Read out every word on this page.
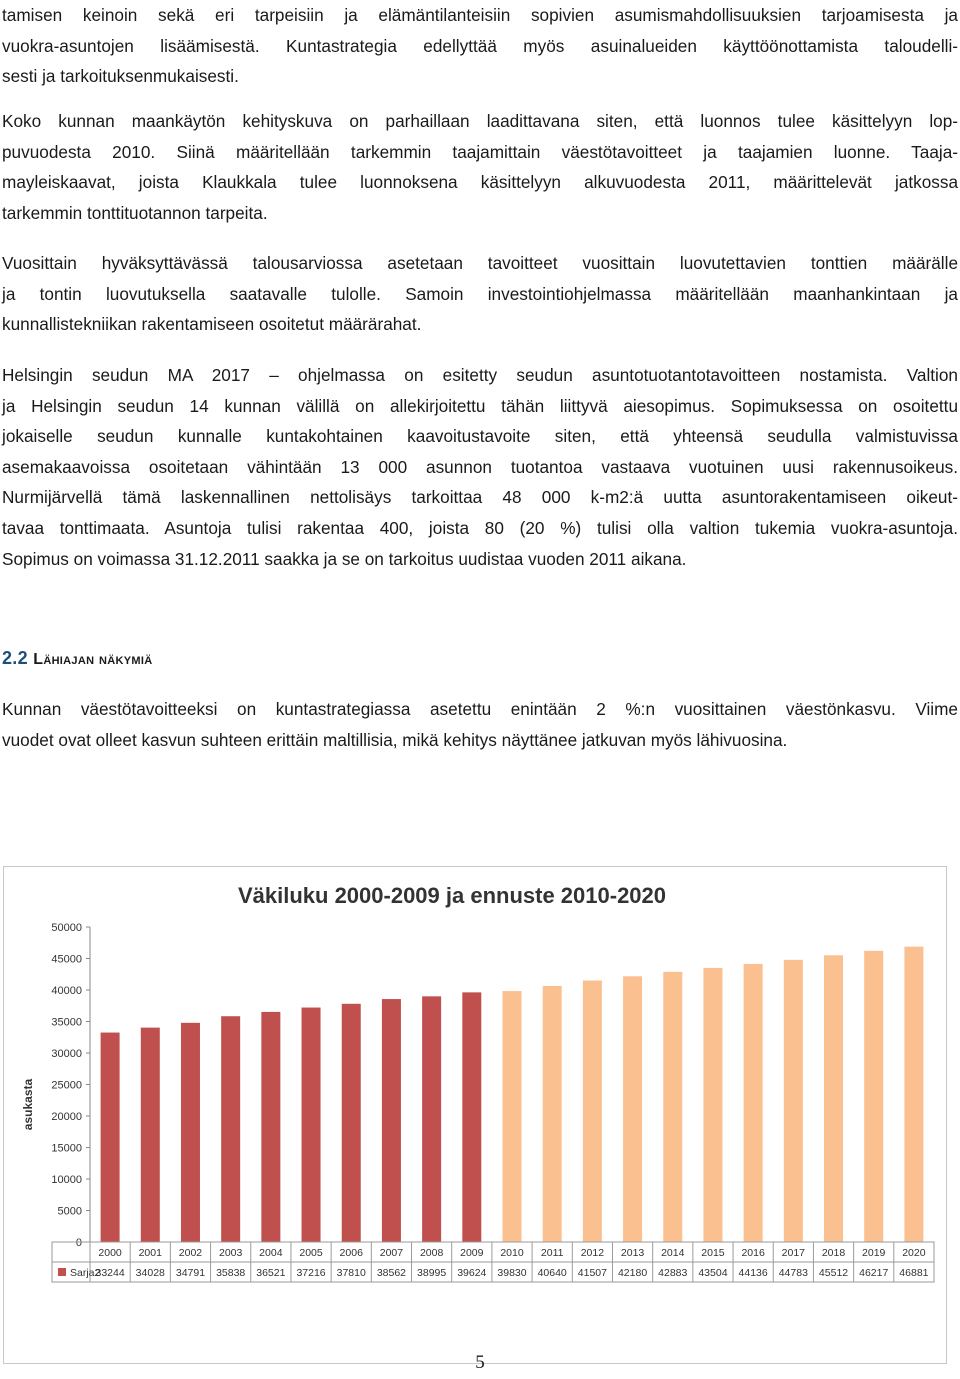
tamisen keinoin sekä eri tarpeisiin ja elämäntilanteisiin sopivien asumismahdollisuuksien tarjoamisesta ja
vuokra-asuntojen lisäämisestä. Kuntastrategia edellyttää myös asuinalueiden käyttöönottamista taloudelli-
sesti ja tarkoituksenmukaisesti.
Koko kunnan maankäytön kehityskuva on parhaillaan laadittavana siten, että luonnos tulee käsittelyyn lop-
puvuodesta 2010. Siinä määritellään tarkemmin taajamittain väestötavoitteet ja taajamien luonne. Taaja-
mayleiskaavat, joista Klaukkala tulee luonnoksena käsittelyyn alkuvuodesta 2011, määrittelevät jatkossa
tarkemmin tonttituotannon tarpeita.
Vuosittain hyväksyttävässä talousarviossa asetetaan tavoitteet vuosittain luovutettavien tonttien määrälle
ja tontin luovutuksella saatavalle tulolle. Samoin investointiohjelmassa määritellään maanhankintaan ja
kunnallistekniikan rakentamiseen osoitetut määrärahat.
Helsingin seudun MA 2017 – ohjelmassa on esitetty seudun asuntotuotantotavoitteen nostamista. Valtion
ja Helsingin seudun 14 kunnan välillä on allekirjoitettu tähän liittyvä aiesopimus. Sopimuksessa on osoitettu
jokaiselle seudun kunnalle kuntakohtainen kaavoitustavoite siten, että yhteensä seudulla valmistuvissa
asemakaavoissa osoitetaan vähintään 13 000 asunnon tuotantoa vastaava vuotuinen uusi rakennusoikeus.
Nurmijärvellä tämä laskennallinen nettolisäys tarkoittaa 48 000 k-m2:ä uutta asuntorakentamiseen oikeut-
tavaa tonttimaata. Asuntoja tulisi rakentaa 400, joista 80 (20 %) tulisi olla valtion tukemia vuokra-asuntoja.
Sopimus on voimassa 31.12.2011 saakka ja se on tarkoitus uudistaa vuoden 2011 aikana.
2.2 Lähiajan näkymiä
Kunnan väestötavoitteeksi on kuntastrategiassa asetettu enintään 2 %:n vuosittainen väestönkasvu. Viime
vuodet ovat olleet kasvun suhteen erittäin maltillisia, mikä kehitys näyttänee jatkuvan myös lähivuosina.
Väkiluku 2000-2009 ja ennuste 2010-2020
0
5000
10000
15000
20000
25000
30000
35000
40000
45000
50000
asukasta
2000
33244
2001
34028
2002
34791
2003
35838
2004
36521
2005
37216
2006
37810
2007
38562
2008
38995
2009
39624
2010
39830
2011
40640
2012
41507
2013
42180
2014
42883
2015
43504
2016
44136
2017
44783
2018
45512
2019
46217
2020
46881
Sarja2
5
